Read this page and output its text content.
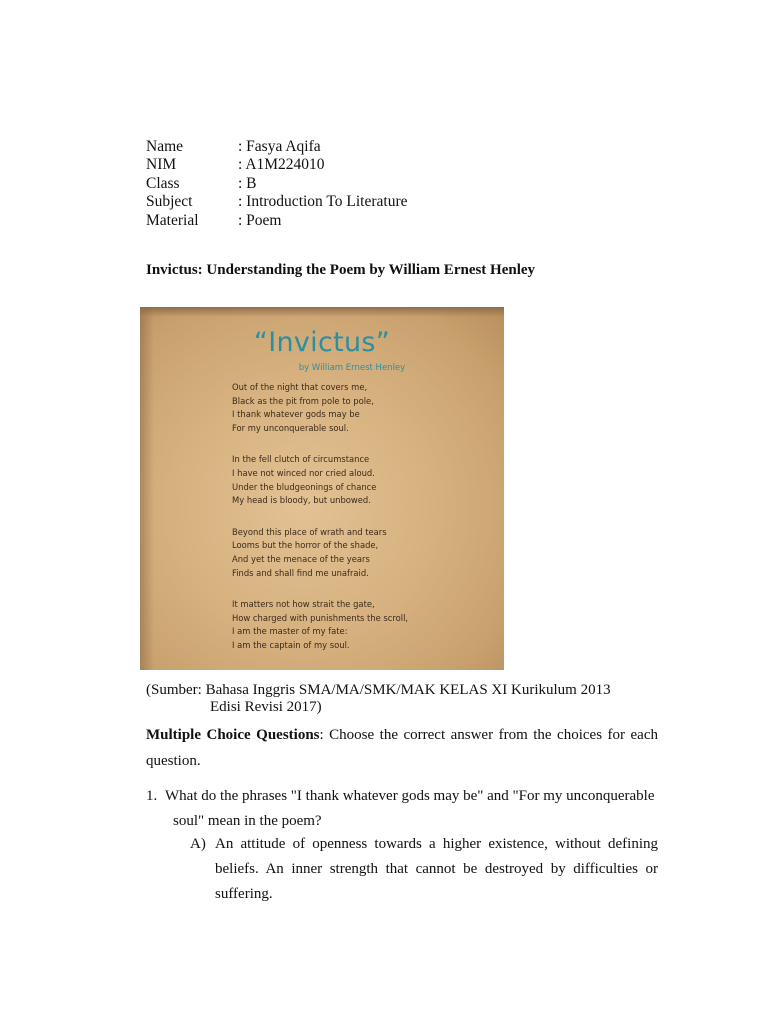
Name	: Fasya Aqifa
NIM	: A1M224010
Class	: B
Subject	: Introduction To Literature
Material	: Poem
Invictus: Understanding the Poem by William Ernest Henley
“Invictus”
by William Ernest Henley
Out of the night that covers me,
Black as the pit from pole to pole,
I thank whatever gods may be
For my unconquerable soul.
In the fell clutch of circumstance
I have not winced nor cried aloud.
Under the bludgeonings of chance
My head is bloody, but unbowed.
Beyond this place of wrath and tears
Looms but the horror of the shade,
And yet the menace of the years
Finds and shall find me unafraid.
It matters not how strait the gate,
How charged with punishments the scroll,
I am the master of my fate:
I am the captain of my soul.
(Sumber: Bahasa Inggris SMA/MA/SMK/MAK KELAS XI Kurikulum 2013
Edisi Revisi 2017)
Multiple Choice Questions: Choose the correct answer from the choices for each question.
1. What do the phrases "I thank whatever gods may be" and "For my unconquerable
soul" mean in the poem?
A) An attitude of openness towards a higher existence, without defining beliefs. An inner strength that cannot be destroyed by difficulties or suffering.
